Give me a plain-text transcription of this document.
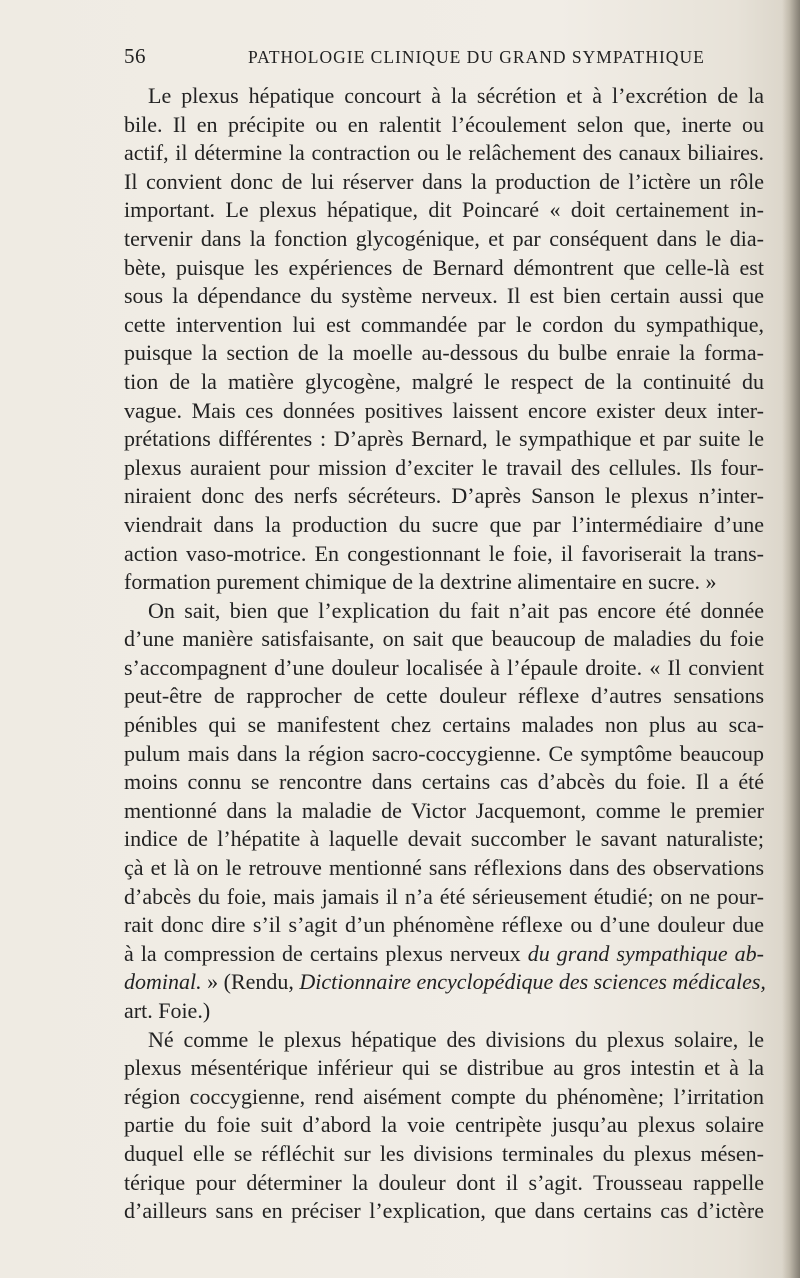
56	PATHOLOGIE CLINIQUE DU GRAND SYMPATHIQUE
Le plexus hépatique concourt à la sécrétion et à l’excrétion de la
bile. Il en précipite ou en ralentit l’écoulement selon que, inerte ou
actif, il détermine la contraction ou le relâchement des canaux biliaires.
Il convient donc de lui réserver dans la production de l’ictère un rôle
important. Le plexus hépatique, dit Poincaré « doit certainement in-
tervenir dans la fonction glycogénique, et par conséquent dans le dia-
bète, puisque les expériences de Bernard démontrent que celle-là est
sous la dépendance du système nerveux. Il est bien certain aussi que
cette intervention lui est commandée par le cordon du sympathique,
puisque la section de la moelle au-dessous du bulbe enraie la forma-
tion de la matière glycogène, malgré le respect de la continuité du
vague. Mais ces données positives laissent encore exister deux inter-
prétations différentes : D’après Bernard, le sympathique et par suite le
plexus auraient pour mission d’exciter le travail des cellules. Ils four-
niraient donc des nerfs sécréteurs. D’après Sanson le plexus n’inter-
viendrait dans la production du sucre que par l’intermédiaire d’une
action vaso-motrice. En congestionnant le foie, il favoriserait la trans-
formation purement chimique de la dextrine alimentaire en sucre. »
On sait, bien que l’explication du fait n’ait pas encore été donnée
d’une manière satisfaisante, on sait que beaucoup de maladies du foie
s’accompagnent d’une douleur localisée à l’épaule droite. « Il convient
peut-être de rapprocher de cette douleur réflexe d’autres sensations
pénibles qui se manifestent chez certains malades non plus au sca-
pulum mais dans la région sacro-coccygienne. Ce symptôme beaucoup
moins connu se rencontre dans certains cas d’abcès du foie. Il a été
mentionné dans la maladie de Victor Jacquemont, comme le premier
indice de l’hépatite à laquelle devait succomber le savant naturaliste;
çà et là on le retrouve mentionné sans réflexions dans des observations
d’abcès du foie, mais jamais il n’a été sérieusement étudié; on ne pour-
rait donc dire s’il s’agit d’un phénomène réflexe ou d’une douleur due
à la compression de certains plexus nerveux du grand sympathique ab-
dominal. » (Rendu, Dictionnaire encyclopédique des sciences médicales,
art. Foie.)
Né comme le plexus hépatique des divisions du plexus solaire, le
plexus mésentérique inférieur qui se distribue au gros intestin et à la
région coccygienne, rend aisément compte du phénomène; l’irritation
partie du foie suit d’abord la voie centripète jusqu’au plexus solaire
duquel elle se réfléchit sur les divisions terminales du plexus mésen-
térique pour déterminer la douleur dont il s’agit. Trousseau rappelle
d’ailleurs sans en préciser l’explication, que dans certains cas d’ictère
